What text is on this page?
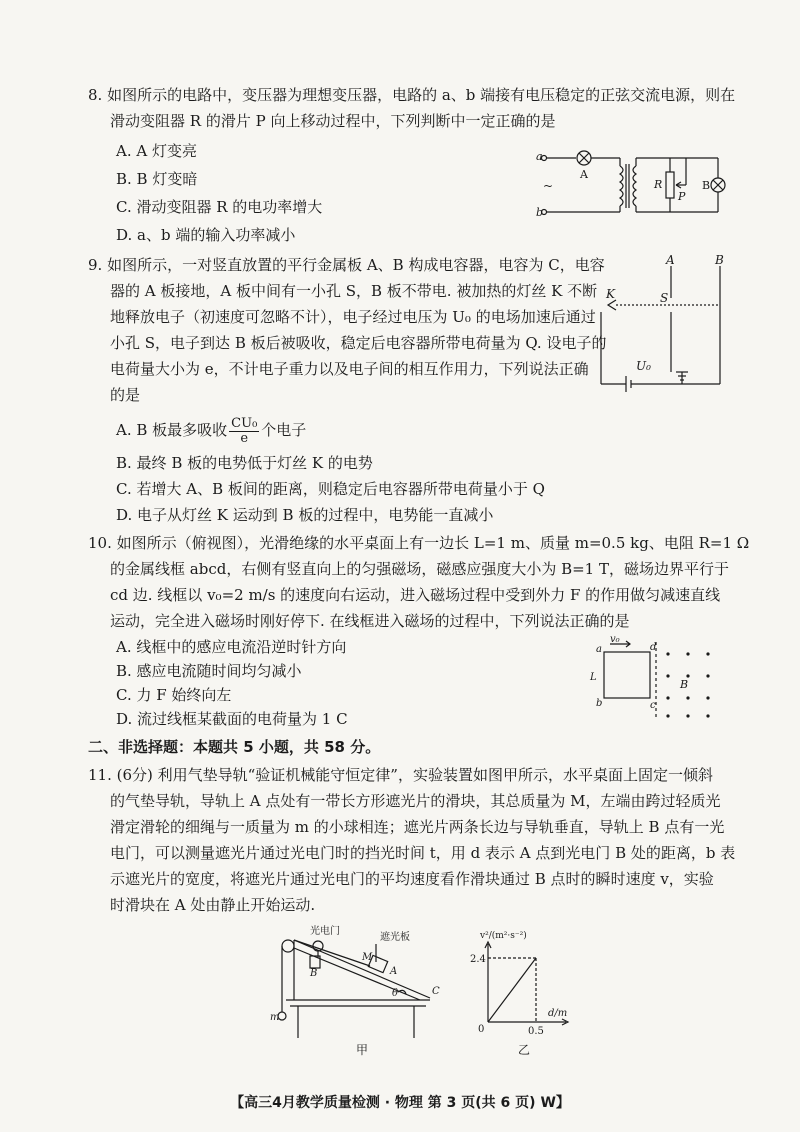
8. 如图所示的电路中，变压器为理想变压器，电路的 a、b 端接有电压稳定的正弦交流电源，则在
滑动变阻器 R 的滑片 P 向上移动过程中，下列判断中一定正确的是
A. A 灯变亮
B. B 灯变暗
C. 滑动变阻器 R 的电功率增大
D. a、b 端的输入功率减小
a
b
~
A
R
P
B
9. 如图所示，一对竖直放置的平行金属板 A、B 构成电容器，电容为 C，电容
器的 A 板接地，A 板中间有一小孔 S，B 板不带电. 被加热的灯丝 K 不断
地释放电子（初速度可忽略不计），电子经过电压为 U₀ 的电场加速后通过
小孔 S，电子到达 B 板后被吸收，稳定后电容器所带电荷量为 Q. 设电子的
电荷量大小为 e，不计电子重力以及电子间的相互作用力，下列说法正确
的是
A. B 板最多吸收 $\frac{\text{CU₀}}{e}$ 个电子
B. 最终 B 板的电势低于灯丝 K 的电势
C. 若增大 A、B 板间的距离，则稳定后电容器所带电荷量小于 Q
D. 电子从灯丝 K 运动到 B 板的过程中，电势能一直减小
A	B
K	S
U₀
10. 如图所示（俯视图），光滑绝缘的水平桌面上有一边长 L=1 m、质量 m=0.5 kg、电阻 R=1 Ω
的金属线框 abcd，右侧有竖直向上的匀强磁场，磁感应强度大小为 B=1 T，磁场边界平行于
cd 边. 线框以 v₀=2 m/s 的速度向右运动，进入磁场过程中受到外力 F 的作用做匀减速直线
运动，完全进入磁场时刚好停下. 在线框进入磁场的过程中，下列说法正确的是
A. 线框中的感应电流沿逆时针方向
B. 感应电流随时间均匀减小
C. 力 F 始终向左
D. 流过线框某截面的电荷量为 1 C
v₀
a
b	c
d
L
B
二、非选择题：本题共 5 小题，共 58 分。
11. (6分) 利用气垫导轨“验证机械能守恒定律”，实验装置如图甲所示，水平桌面上固定一倾斜
的气垫导轨，导轨上 A 点处有一带长方形遮光片的滑块，其总质量为 M，左端由跨过轻质光
滑定滑轮的细绳与一质量为 m 的小球相连；遮光片两条长边与导轨垂直，导轨上 B 点有一光
电门，可以测量遮光片通过光电门时的挡光时间 t，用 d 表示 A 点到光电门 B 处的距离，b 表
示遮光片的宽度，将遮光片通过光电门的平均速度看作滑块通过 B 点时的瞬时速度 v，实验
时滑块在 A 处由静止开始运动.
光电门
遮光板
B
M
A
θ	C
m
甲
v²/(m²·s⁻²)
2.4
d/m
0.5
0
乙
【高三4月教学质量检测 · 物理 第 3 页(共 6 页) W】
